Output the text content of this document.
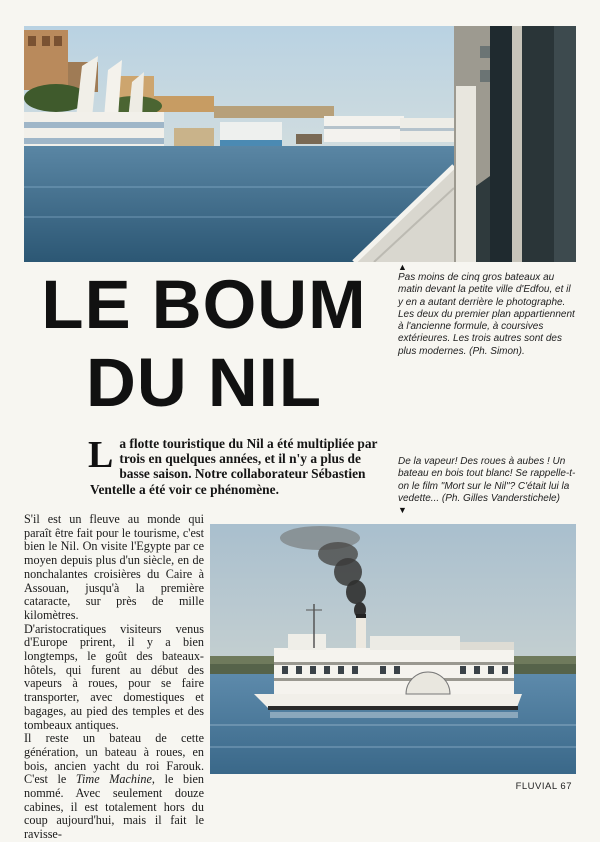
LE BOUM
DU NIL
▲
Pas moins de cinq gros bateaux au matin devant la petite ville d'Edfou, et il y en a autant derrière le photographe. Les deux du premier plan appartiennent à l'ancienne formule, à coursives extérieures. Les trois autres sont des plus modernes. (Ph. Simon).
La flotte touristique du Nil a été multipliée par trois en quelques années, et il n'y a plus de basse saison. Notre collaborateur Sébastien Ventelle a été voir ce phénomène.
De la vapeur! Des roues à aubes ! Un bateau en bois tout blanc! Se rappelle-t-on le film "Mort sur le Nil"? C'était lui la vedette... (Ph. Gilles Vanderstichele)
▼

S'il est un fleuve au monde qui paraît être fait pour le tourisme, c'est bien le Nil. On visite l'Egypte par ce moyen depuis plus d'un siècle, en de nonchalantes croisières du Caire à Assouan, jusqu'à la première cataracte, sur près de mille kilomètres.

D'aristocratiques visiteurs venus d'Europe prirent, il y a bien longtemps, le goût des bateaux-hôtels, qui furent au début des vapeurs à roues, pour se faire transporter, avec domestiques et bagages, au pied des temples et des tombeaux antiques.

Il reste un bateau de cette génération, un bateau à roues, en bois, ancien yacht du roi Farouk. C'est le Time Machine, le bien nommé. Avec seulement douze cabines, il est totalement hors du coup aujourd'hui, mais il fait le ravisse-

FLUVIAL 67
